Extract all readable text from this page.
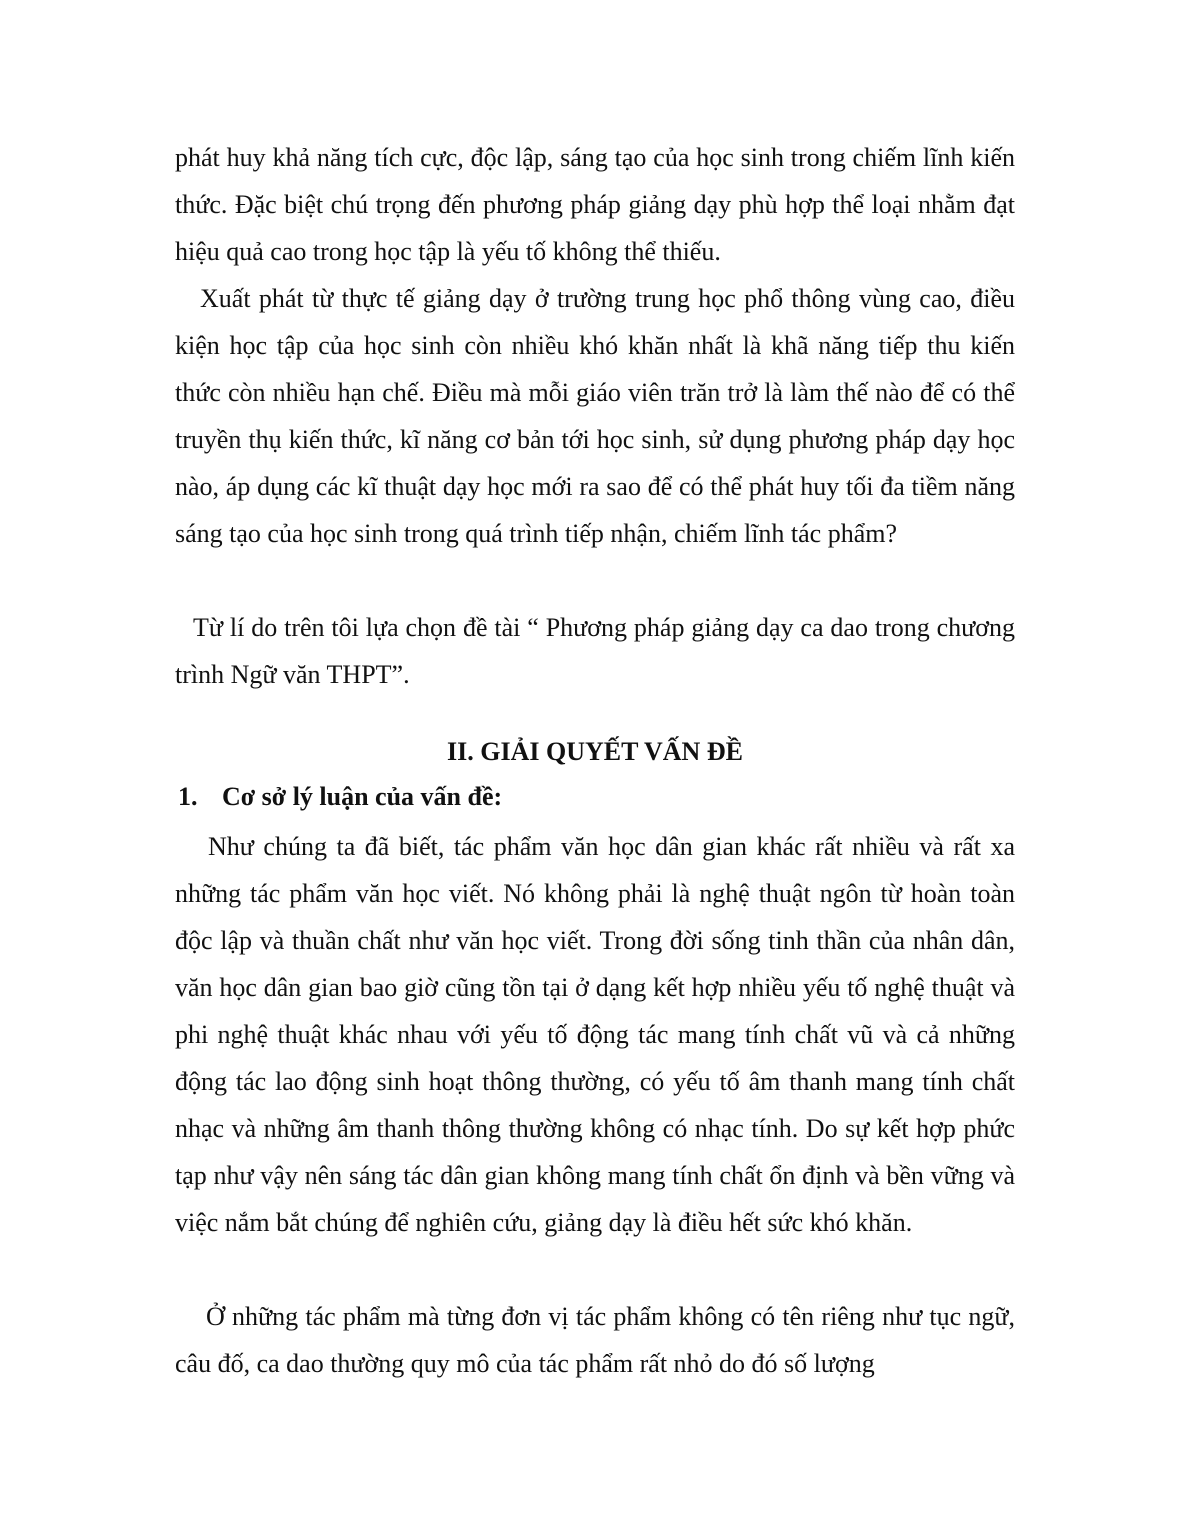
phát huy khả năng tích cực, độc lập, sáng tạo của học sinh trong chiếm lĩnh kiến thức. Đặc biệt chú trọng đến phương pháp giảng dạy phù hợp thể loại nhằm đạt hiệu quả cao trong học tập là yếu tố không thể thiếu.

Xuất phát từ thực tế giảng dạy ở trường trung học phổ thông vùng cao, điều kiện học tập của học sinh còn nhiều khó khăn nhất là khã năng tiếp thu kiến thức còn nhiều hạn chế. Điều mà mỗi giáo viên trăn trở là làm thế nào để có thể truyền thụ kiến thức, kĩ năng cơ bản tới học sinh, sử dụng phương pháp dạy học nào, áp dụng các kĩ thuật dạy học mới ra sao để có thể phát huy tối đa tiềm năng sáng tạo của học sinh trong quá trình tiếp nhận, chiếm lĩnh tác phẩm?

Từ lí do trên tôi lựa chọn đề tài “ Phương pháp giảng dạy ca dao trong chương trình Ngữ văn THPT”.

II. GIẢI QUYẾT VẤN ĐỀ
1. Cơ sở lý luận của vấn đề:

Như chúng ta đã biết, tác phẩm văn học dân gian khác rất nhiều và rất xa những tác phẩm văn học viết. Nó không phải là nghệ thuật ngôn từ hoàn toàn độc lập và thuần chất như văn học viết. Trong đời sống tinh thần của nhân dân, văn học dân gian bao giờ cũng tồn tại ở dạng kết hợp nhiều yếu tố nghệ thuật và phi nghệ thuật khác nhau với yếu tố động tác mang tính chất vũ và cả những động tác lao động sinh hoạt thông thường, có yếu tố âm thanh mang tính chất nhạc và những âm thanh thông thường không có nhạc tính. Do sự kết hợp phức tạp như vậy nên sáng tác dân gian không mang tính chất ổn định và bền vững và việc nắm bắt chúng để nghiên cứu, giảng dạy là điều hết sức khó khăn.

Ở những tác phẩm mà từng đơn vị tác phẩm không có tên riêng như tục ngữ, câu đố, ca dao thường quy mô của tác phẩm rất nhỏ do đó số lượng
